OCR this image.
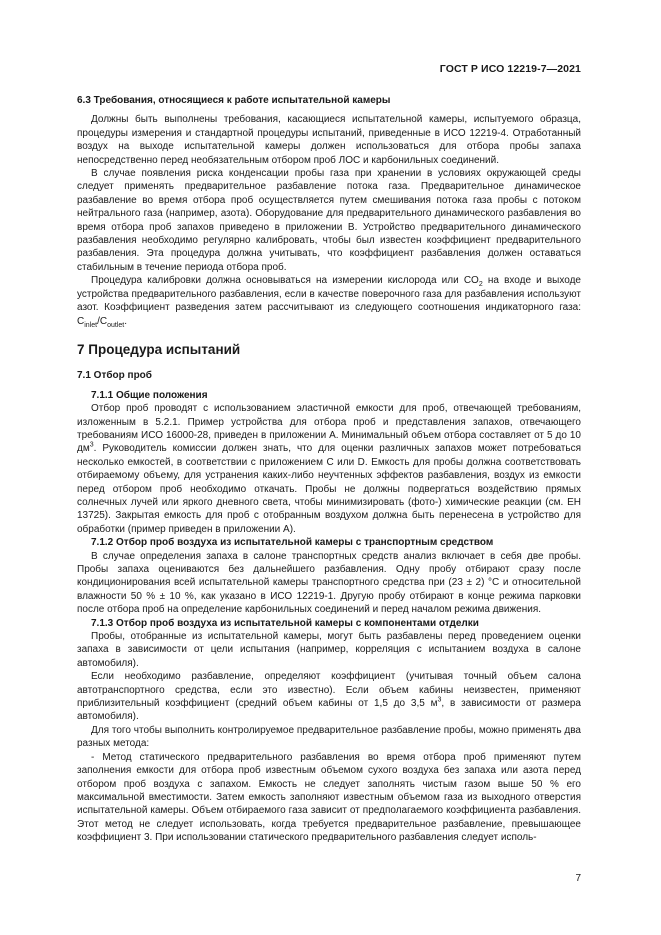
ГОСТ Р ИСО 12219-7—2021
6.3 Требования, относящиеся к работе испытательной камеры

Должны быть выполнены требования, касающиеся испытательной камеры, испытуемого образца, процедуры измерения и стандартной процедуры испытаний, приведенные в ИСО 12219-4. Отработанный воздух на выходе испытательной камеры должен использоваться для отбора пробы запаха непосредственно перед необязательным отбором проб ЛОС и карбонильных соединений.

В случае появления риска конденсации пробы газа при хранении в условиях окружающей среды следует применять предварительное разбавление потока газа. Предварительное динамическое разбавление во время отбора проб осуществляется путем смешивания потока газа пробы с потоком нейтрального газа (например, азота). Оборудование для предварительного динамического разбавления во время отбора проб запахов приведено в приложении В. Устройство предварительного динамического разбавления необходимо регулярно калибровать, чтобы был известен коэффициент предварительного разбавления. Эта процедура должна учитывать, что коэффициент разбавления должен оставаться стабильным в течение периода отбора проб.

Процедура калибровки должна основываться на измерении кислорода или $CO_2$ на входе и выходе устройства предварительного разбавления, если в качестве поверочного газа для разбавления используют азот. Коэффициент разведения затем рассчитывают из следующего соотношения индикаторного газа: $C_{inlet}/C_{outlet}$.

7 Процедура испытаний
7.1 Отбор проб
7.1.1 Общие положения

Отбор проб проводят с использованием эластичной емкости для проб, отвечающей требованиям, изложенным в 5.2.1. Пример устройства для отбора проб и представления запахов, отвечающего требованиям ИСО 16000-28, приведен в приложении А. Минимальный объем отбора составляет от 5 до 10 $дм^3$. Руководитель комиссии должен знать, что для оценки различных запахов может потребоваться несколько емкостей, в соответствии с приложением С или D. Емкость для пробы должна соответствовать отбираемому объему, для устранения каких-либо неучтенных эффектов разбавления, воздух из емкости перед отбором проб необходимо откачать. Пробы не должны подвергаться воздействию прямых солнечных лучей или яркого дневного света, чтобы минимизировать (фото-) химические реакции (см. EH 13725). Закрытая емкость для проб с отобранным воздухом должна быть перенесена в устройство для обработки (пример приведен в приложении А).

7.1.2 Отбор проб воздуха из испытательной камеры с транспортным средством

В случае определения запаха в салоне транспортных средств анализ включает в себя две пробы. Пробы запаха оцениваются без дальнейшего разбавления. Одну пробу отбирают сразу после кондиционирования всей испытательной камеры транспортного средства при (23 ± 2) °С и относительной влажности 50 % ± 10 %, как указано в ИСО 12219-1. Другую пробу отбирают в конце режима парковки после отбора проб на определение карбонильных соединений и перед началом режима движения.

7.1.3 Отбор проб воздуха из испытательной камеры с компонентами отделки

Пробы, отобранные из испытательной камеры, могут быть разбавлены перед проведением оценки запаха в зависимости от цели испытания (например, корреляция с испытанием воздуха в салоне автомобиля).

Если необходимо разбавление, определяют коэффициент (учитывая точный объем салона автотранспортного средства, если это известно). Если объем кабины неизвестен, применяют приблизительный коэффициент (средний объем кабины от 1,5 до 3,5 $м^3$, в зависимости от размера автомобиля).

Для того чтобы выполнить контролируемое предварительное разбавление пробы, можно применять два разных метода:

- Метод статического предварительного разбавления во время отбора проб применяют путем заполнения емкости для отбора проб известным объемом сухого воздуха без запаха или азота перед отбором проб воздуха с запахом. Емкость не следует заполнять чистым газом выше 50 % его максимальной вместимости. Затем емкость заполняют известным объемом газа из выходного отверстия испытательной камеры. Объем отбираемого газа зависит от предполагаемого коэффициента разбавления. Этот метод не следует использовать, когда требуется предварительное разбавление, превышающее коэффициент 3. При использовании статического предварительного разбавления следует исполь-

7
